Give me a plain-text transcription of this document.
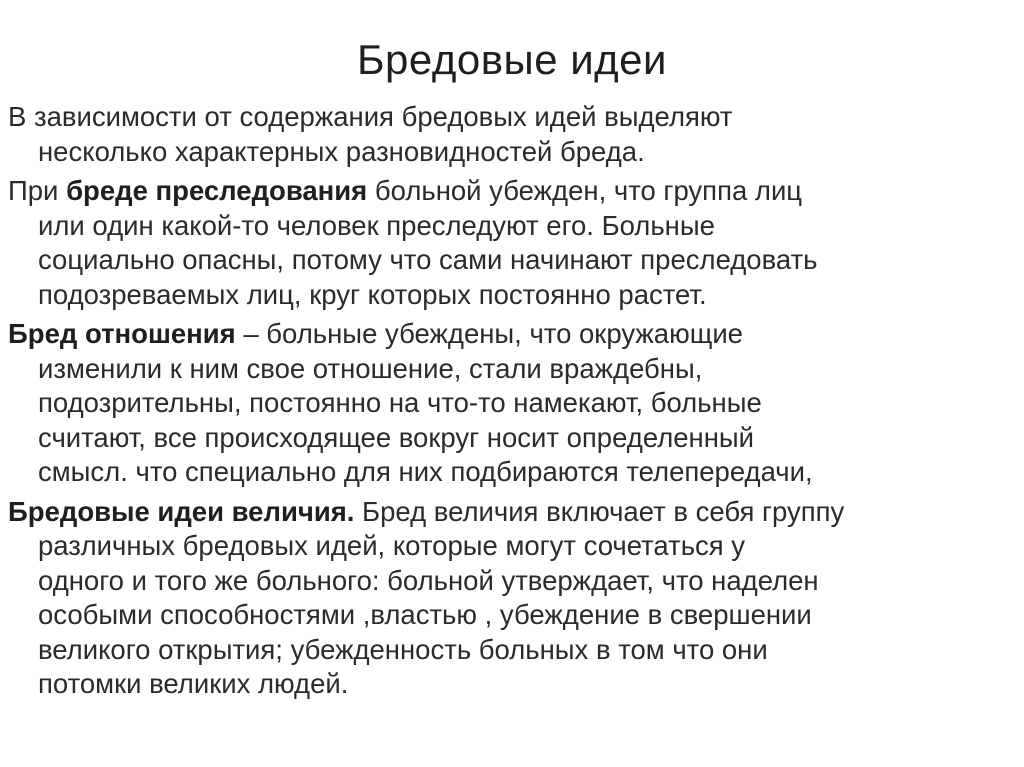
Бредовые идеи

В зависимости от содержания бредовых идей выделяют
несколько характерных разновидностей бреда.

При бреде преследования больной убежден, что группа лиц
или один какой-то человек преследуют его. Больные
социально опасны, потому что сами начинают преследовать
подозреваемых лиц, круг которых постоянно растет.

Бред отношения – больные убеждены, что окружающие
изменили к ним свое отношение, стали враждебны,
подозрительны, постоянно на что-то намекают, больные
считают, все происходящее вокруг носит определенный
смысл. что специально для них подбираются телепередачи,

Бредовые идеи величия. Бред величия включает в себя группу
различных бредовых идей, которые могут сочетаться у
одного и того же больного: больной утверждает, что наделен
особыми способностями ,властью , убеждение в свершении
великого открытия; убежденность больных в том что они
потомки великих людей.
